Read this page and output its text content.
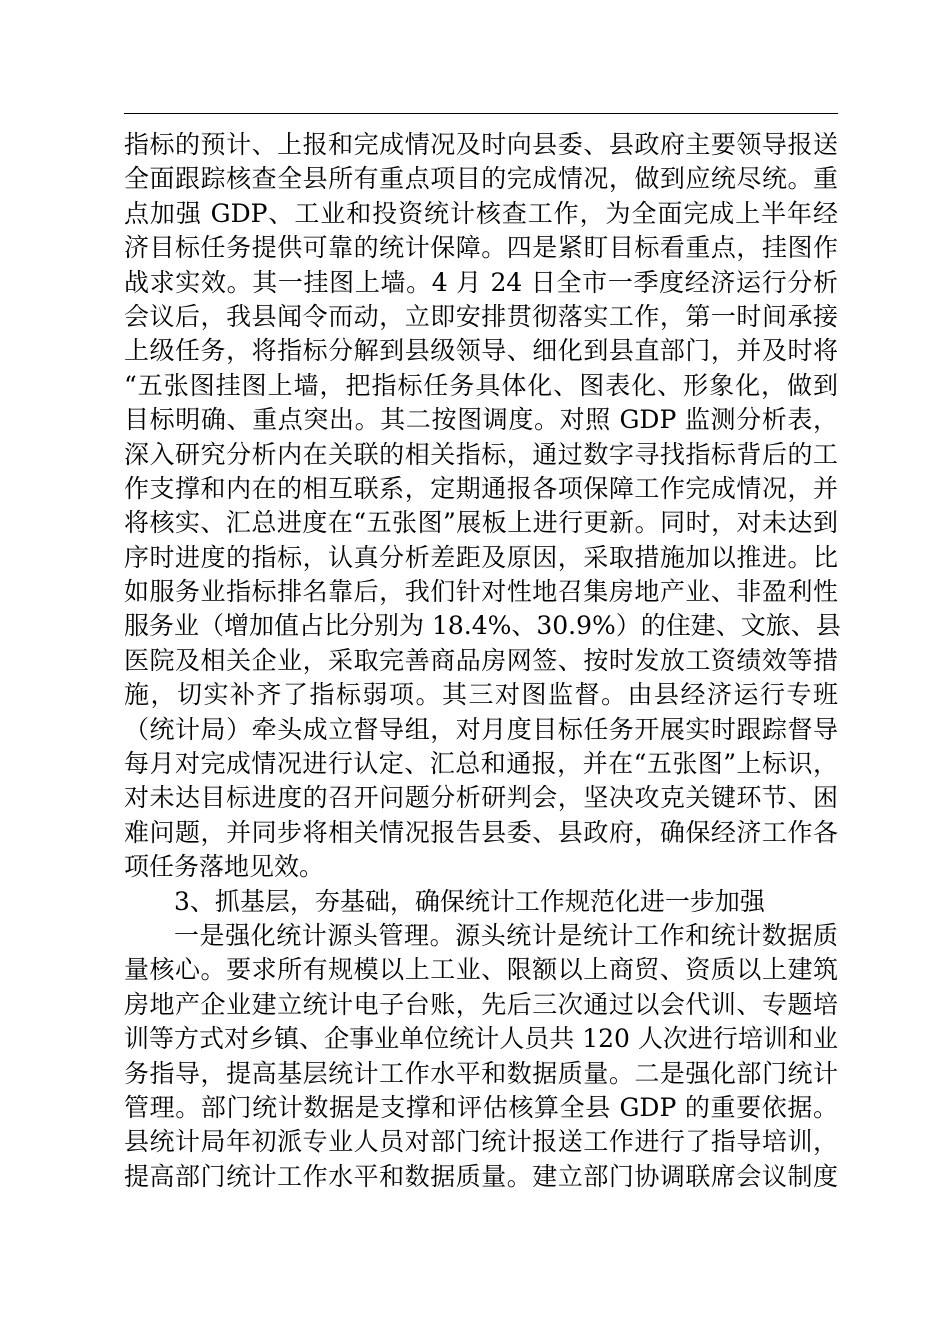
指标的预计、上报和完成情况及时向县委、县政府主要领导报送
全面跟踪核查全县所有重点项目的完成情况，做到应统尽统。重
点加强 GDP、工业和投资统计核查工作，为全面完成上半年经
济目标任务提供可靠的统计保障。四是紧盯目标看重点，挂图作
战求实效。其一挂图上墙。4 月 24 日全市一季度经济运行分析
会议后，我县闻令而动，立即安排贯彻落实工作，第一时间承接
上级任务，将指标分解到县级领导、细化到县直部门，并及时将
“五张图挂图上墙，把指标任务具体化、图表化、形象化，做到
目标明确、重点突出。其二按图调度。对照 GDP 监测分析表，
深入研究分析内在关联的相关指标，通过数字寻找指标背后的工
作支撑和内在的相互联系，定期通报各项保障工作完成情况，并
将核实、汇总进度在“五张图”展板上进行更新。同时，对未达到
序时进度的指标，认真分析差距及原因，采取措施加以推进。比
如服务业指标排名靠后，我们针对性地召集房地产业、非盈利性
服务业（增加值占比分别为 18.4%、30.9%）的住建、文旅、县
医院及相关企业，采取完善商品房网签、按时发放工资绩效等措
施，切实补齐了指标弱项。其三对图监督。由县经济运行专班
（统计局）牵头成立督导组，对月度目标任务开展实时跟踪督导
每月对完成情况进行认定、汇总和通报，并在“五张图”上标识，
对未达目标进度的召开问题分析研判会，坚决攻克关键环节、困
难问题，并同步将相关情况报告县委、县政府，确保经济工作各
项任务落地见效。
3、抓基层，夯基础，确保统计工作规范化进一步加强
一是强化统计源头管理。源头统计是统计工作和统计数据质
量核心。要求所有规模以上工业、限额以上商贸、资质以上建筑
房地产企业建立统计电子台账，先后三次通过以会代训、专题培
训等方式对乡镇、企事业单位统计人员共 120 人次进行培训和业
务指导，提高基层统计工作水平和数据质量。二是强化部门统计
管理。部门统计数据是支撑和评估核算全县 GDP 的重要依据。
县统计局年初派专业人员对部门统计报送工作进行了指导培训，
提高部门统计工作水平和数据质量。建立部门协调联席会议制度
